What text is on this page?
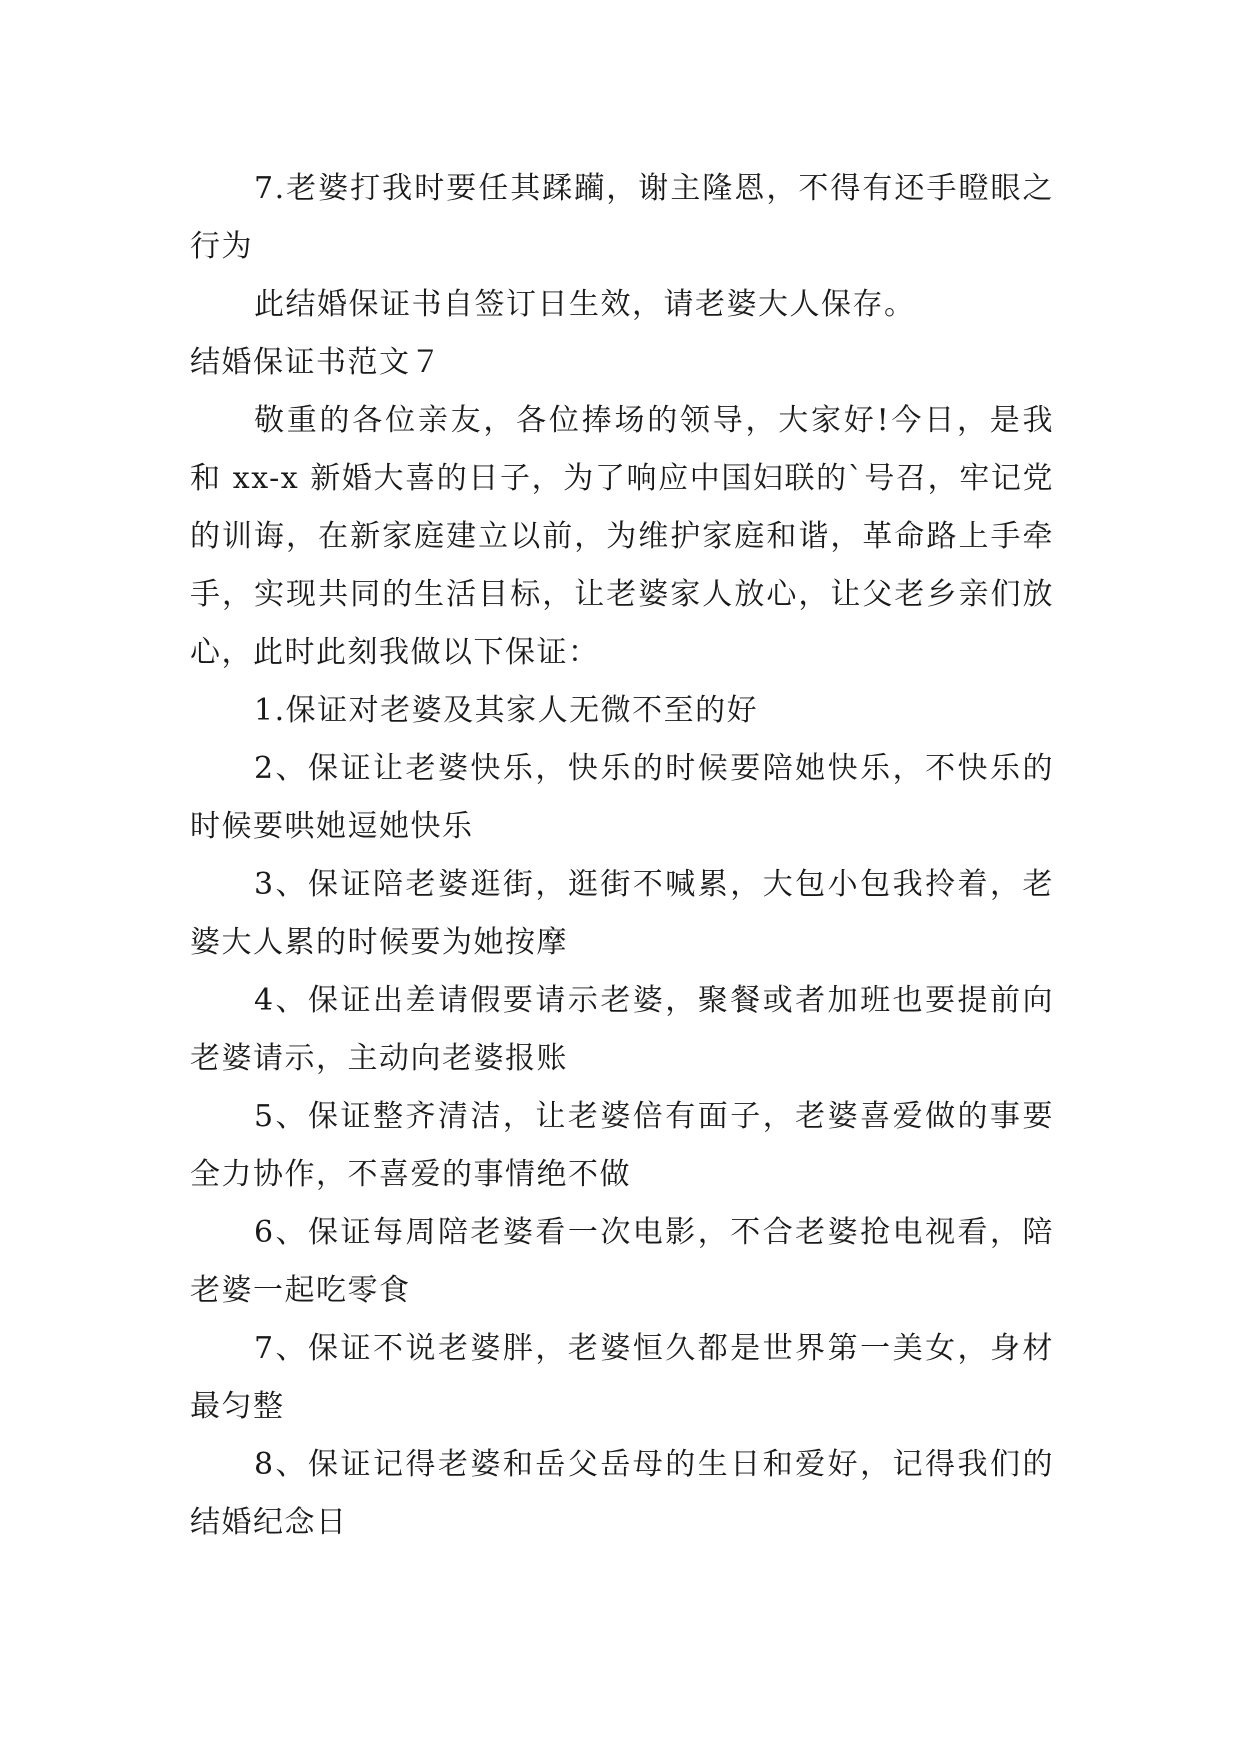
7.老婆打我时要任其蹂躏，谢主隆恩，不得有还手瞪眼之行为

此结婚保证书自签订日生效，请老婆大人保存。

结婚保证书范文７

敬重的各位亲友，各位捧场的领导，大家好!今日，是我和 xx-x 新婚大喜的日子，为了响应中国妇联的`号召，牢记党的训诲，在新家庭建立以前，为维护家庭和谐，革命路上手牵手，实现共同的生活目标，让老婆家人放心，让父老乡亲们放心，此时此刻我做以下保证：

1.保证对老婆及其家人无微不至的好

2、保证让老婆快乐，快乐的时候要陪她快乐，不快乐的时候要哄她逗她快乐

3、保证陪老婆逛街，逛街不喊累，大包小包我拎着，老婆大人累的时候要为她按摩

4、保证出差请假要请示老婆，聚餐或者加班也要提前向老婆请示，主动向老婆报账

5、保证整齐清洁，让老婆倍有面子，老婆喜爱做的事要全力协作，不喜爱的事情绝不做

6、保证每周陪老婆看一次电影，不合老婆抢电视看，陪老婆一起吃零食

7、保证不说老婆胖，老婆恒久都是世界第一美女，身材最匀整

8、保证记得老婆和岳父岳母的生日和爱好，记得我们的结婚纪念日
